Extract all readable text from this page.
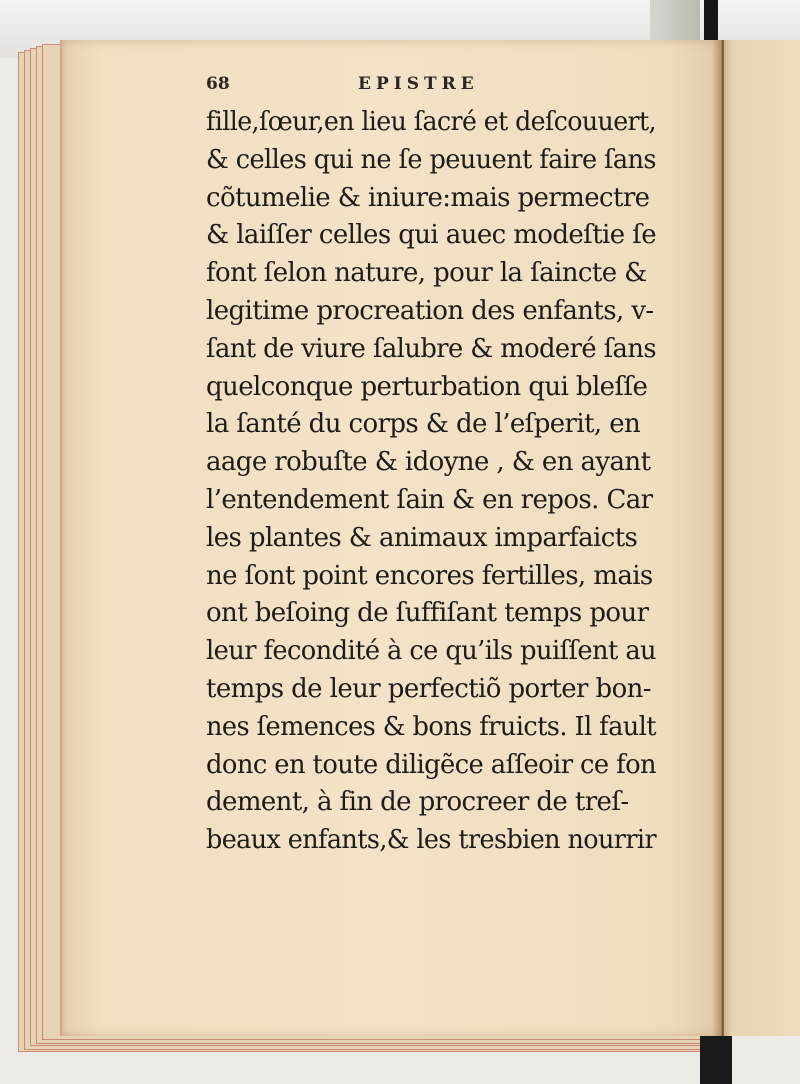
68	EPISTRE
fille,ſœur,en lieu ſacré et deſcouuert,
& celles qui ne ſe peuuent faire ſans
cõtumelie & iniure:mais permectre
& laiſſer celles qui auec modeſtie ſe
font ſelon nature, pour la ſaincte &
legitime procreation des enfants, v-
ſant de viure ſalubre & moderé ſans
quelconque perturbation qui bleſſe
la ſanté du corps & de l’eſperit, en
aage robuſte & idoyne , & en ayant
l’entendement ſain & en repos. Car
les plantes & animaux imparfaicts
ne ſont point encores fertilles, mais
ont beſoing de ſuffiſant temps pour
leur fecondité à ce qu’ils puiſſent au
temps de leur perfectiõ porter bon-
nes ſemences & bons fruicts. Il fault
donc en toute diligẽce aſſeoir ce fon
dement, à fin de procreer de treſ-
beaux enfants,& les tresbien nourrir
